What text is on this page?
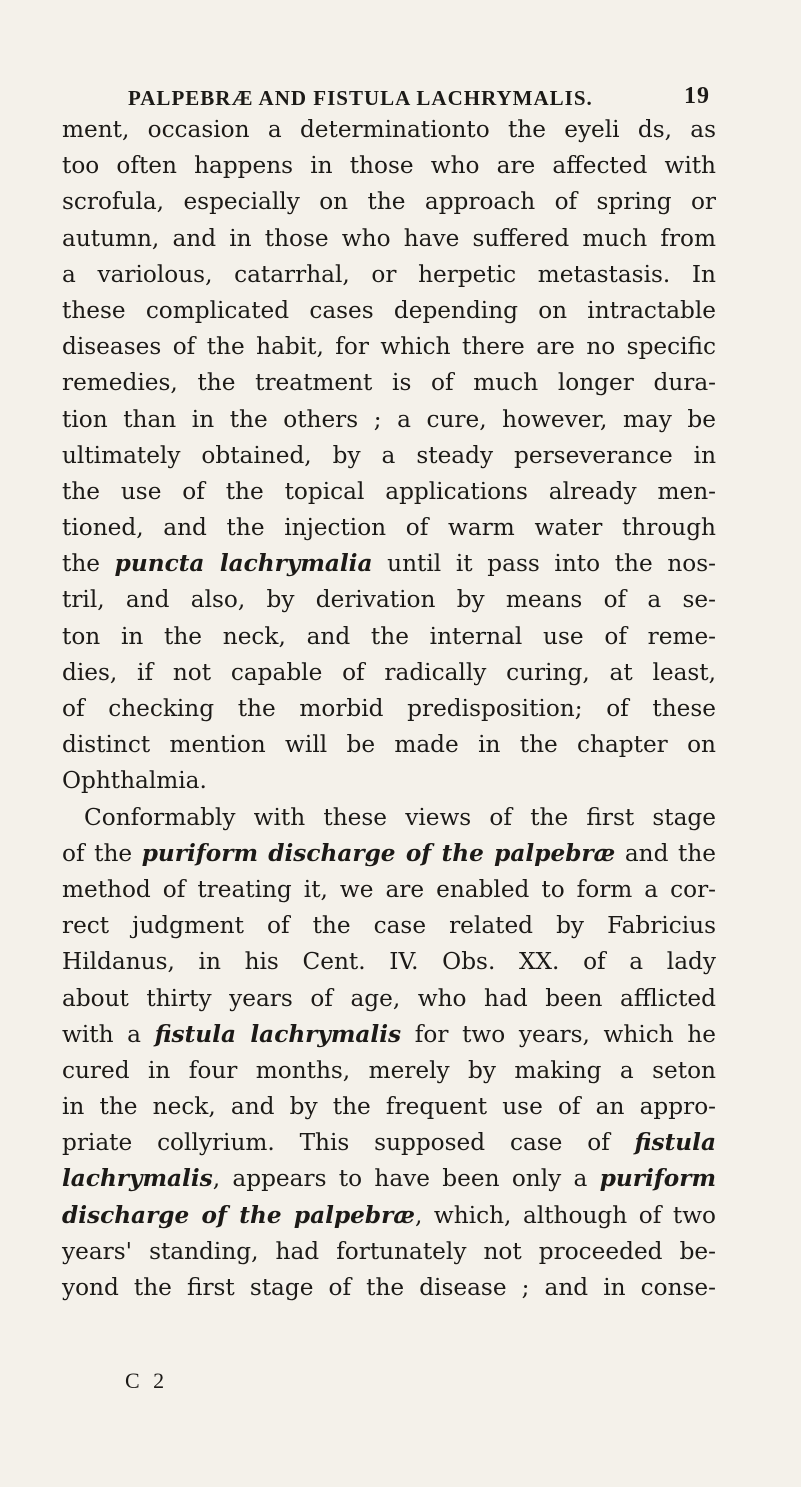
PALPEBRÆ AND FISTULA LACHRYMALIS.	19
ment, occasion a determinationto the eyeli ds, as
too often happens in those who are affected with
scrofula, especially on the approach of spring or
autumn, and in those who have suffered much from
a variolous, catarrhal, or herpetic metastasis. In
these complicated cases depending on intractable
diseases of the habit, for which there are no specific
remedies, the treatment is of much longer dura-
tion than in the others ; a cure, however, may be
ultimately obtained, by a steady perseverance in
the use of the topical applications already men-
tioned, and the injection of warm water through
the puncta lachrymalia until it pass into the nos-
tril, and also, by derivation by means of a se-
ton in the neck, and the internal use of reme-
dies, if not capable of radically curing, at least,
of checking the morbid predisposition; of these
distinct mention will be made in the chapter on
Ophthalmia.
Conformably with these views of the first stage
of the puriform discharge of the palpebræ and the
method of treating it, we are enabled to form a cor-
rect judgment of the case related by Fabricius
Hildanus, in his Cent. IV. Obs. XX. of a lady
about thirty years of age, who had been afflicted
with a fistula lachrymalis for two years, which he
cured in four months, merely by making a seton
in the neck, and by the frequent use of an appro-
priate collyrium. This supposed case of fistula
lachrymalis, appears to have been only a puriform
discharge of the palpebræ, which, although of two
years' standing, had fortunately not proceeded be-
yond the first stage of the disease ; and in conse-
C 2
